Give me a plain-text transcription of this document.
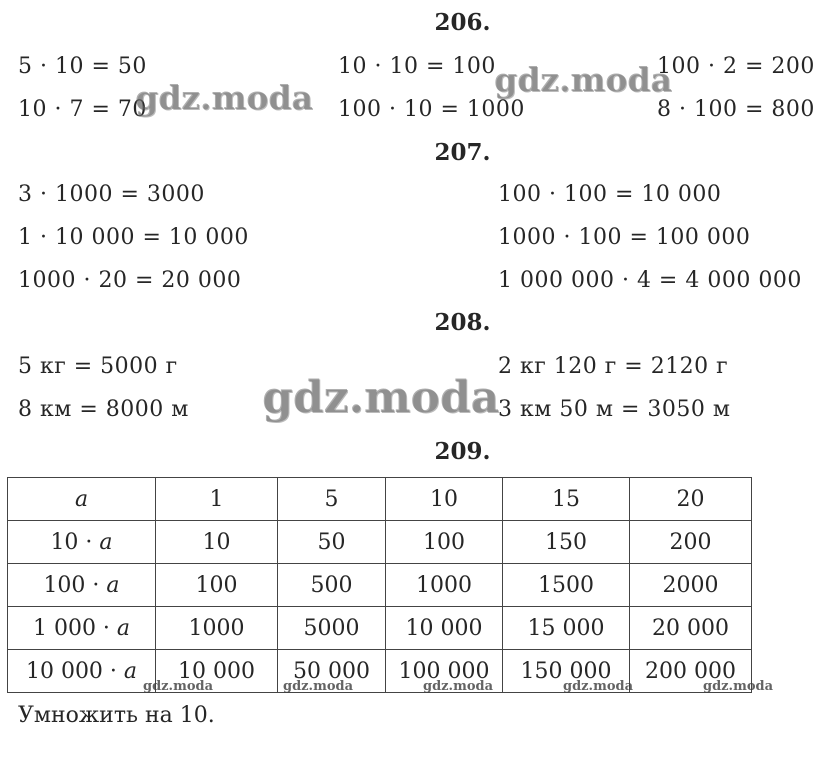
206.
5 · 10 = 50
10 · 7 = 70
10 · 10 = 100
100 · 10 = 1000
100 · 2 = 200
8 · 100 = 800
207.
3 · 1000 = 3000
1 · 10 000 = 10 000
1000 · 20 = 20 000
100 · 100 = 10 000
1000 · 100 = 100 000
1 000 000 · 4 = 4 000 000
208.
5 кг = 5000 г
8 км = 8000 м
2 кг 120 г = 2120 г
3 км 50 м = 3050 м
209.
a	1	5	10	15	20
10 · a	10	50	100	150	200
100 · a	100	500	1000	1500	2000
1 000 · a	1000	5000	10 000	15 000	20 000
10 000 · a	10 000	50 000	100 000	150 000	200 000
Умножить на 10.
gdz.moda	gdz.moda
gdz.moda
gdz.moda	gdz.moda	gdz.moda	gdz.moda	gdz.moda
